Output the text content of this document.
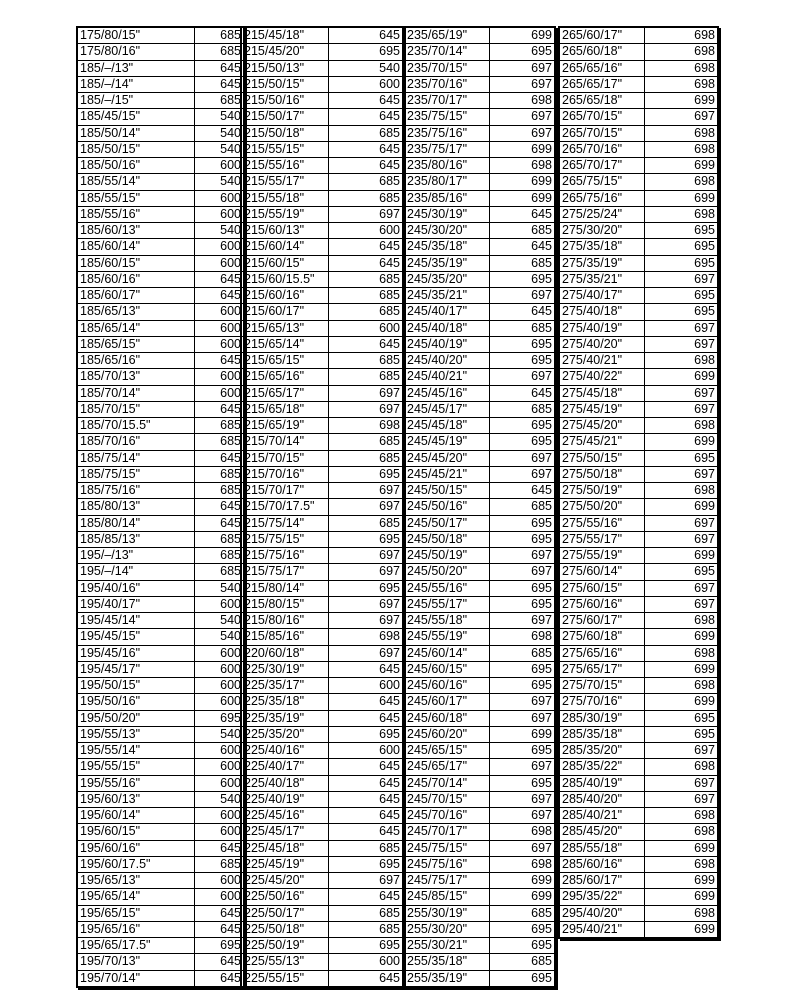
175/80/15"	685
175/80/16"	685
185/–/13"	645
185/–/14"	645
185/–/15"	685
185/45/15"	540
185/50/14"	540
185/50/15"	540
185/50/16"	600
185/55/14"	540
185/55/15"	600
185/55/16"	600
185/60/13"	540
185/60/14"	600
185/60/15"	600
185/60/16"	645
185/60/17"	645
185/65/13"	600
185/65/14"	600
185/65/15"	600
185/65/16"	645
185/70/13"	600
185/70/14"	600
185/70/15"	645
185/70/15.5"	685
185/70/16"	685
185/75/14"	645
185/75/15"	685
185/75/16"	685
185/80/13"	645
185/80/14"	645
185/85/13"	685
195/–/13"	685
195/–/14"	685
195/40/16"	540
195/40/17"	600
195/45/14"	540
195/45/15"	540
195/45/16"	600
195/45/17"	600
195/50/15"	600
195/50/16"	600
195/50/20"	695
195/55/13"	540
195/55/14"	600
195/55/15"	600
195/55/16"	600
195/60/13"	540
195/60/14"	600
195/60/15"	600
195/60/16"	645
195/60/17.5"	685
195/65/13"	600
195/65/14"	600
195/65/15"	645
195/65/16"	645
195/65/17.5"	695
195/70/13"	645
195/70/14"	645
215/45/18"	645
215/45/20"	695
215/50/13"	540
215/50/15"	600
215/50/16"	645
215/50/17"	645
215/50/18"	685
215/55/15"	645
215/55/16"	645
215/55/17"	685
215/55/18"	685
215/55/19"	697
215/60/13"	600
215/60/14"	645
215/60/15"	645
215/60/15.5"	685
215/60/16"	685
215/60/17"	685
215/65/13"	600
215/65/14"	645
215/65/15"	685
215/65/16"	685
215/65/17"	697
215/65/18"	697
215/65/19"	698
215/70/14"	685
215/70/15"	685
215/70/16"	695
215/70/17"	697
215/70/17.5"	697
215/75/14"	685
215/75/15"	695
215/75/16"	697
215/75/17"	697
215/80/14"	695
215/80/15"	697
215/80/16"	697
215/85/16"	698
220/60/18"	697
225/30/19"	645
225/35/17"	600
225/35/18"	645
225/35/19"	645
225/35/20"	695
225/40/16"	600
225/40/17"	645
225/40/18"	645
225/40/19"	645
225/45/16"	645
225/45/17"	645
225/45/18"	685
225/45/19"	695
225/45/20"	697
225/50/16"	645
225/50/17"	685
225/50/18"	685
225/50/19"	695
225/55/13"	600
225/55/15"	645
235/65/19"	699
235/70/14"	695
235/70/15"	697
235/70/16"	697
235/70/17"	698
235/75/15"	697
235/75/16"	697
235/75/17"	699
235/80/16"	698
235/80/17"	699
235/85/16"	699
245/30/19"	645
245/30/20"	685
245/35/18"	645
245/35/19"	685
245/35/20"	695
245/35/21"	697
245/40/17"	645
245/40/18"	685
245/40/19"	695
245/40/20"	695
245/40/21"	697
245/45/16"	645
245/45/17"	685
245/45/18"	695
245/45/19"	695
245/45/20"	697
245/45/21"	697
245/50/15"	645
245/50/16"	685
245/50/17"	695
245/50/18"	695
245/50/19"	697
245/50/20"	697
245/55/16"	695
245/55/17"	695
245/55/18"	697
245/55/19"	698
245/60/14"	685
245/60/15"	695
245/60/16"	695
245/60/17"	697
245/60/18"	697
245/60/20"	699
245/65/15"	695
245/65/17"	697
245/70/14"	695
245/70/15"	697
245/70/16"	697
245/70/17"	698
245/75/15"	697
245/75/16"	698
245/75/17"	699
245/85/15"	699
255/30/19"	685
255/30/20"	695
255/30/21"	695
255/35/18"	685
255/35/19"	695
265/60/17"	698
265/60/18"	698
265/65/16"	698
265/65/17"	698
265/65/18"	699
265/70/15"	697
265/70/15"	698
265/70/16"	698
265/70/17"	699
265/75/15"	698
265/75/16"	699
275/25/24"	698
275/30/20"	695
275/35/18"	695
275/35/19"	695
275/35/21"	697
275/40/17"	695
275/40/18"	695
275/40/19"	697
275/40/20"	697
275/40/21"	698
275/40/22"	699
275/45/18"	697
275/45/19"	697
275/45/20"	698
275/45/21"	699
275/50/15"	695
275/50/18"	697
275/50/19"	698
275/50/20"	699
275/55/16"	697
275/55/17"	697
275/55/19"	699
275/60/14"	695
275/60/15"	697
275/60/16"	697
275/60/17"	698
275/60/18"	699
275/65/16"	698
275/65/17"	699
275/70/15"	698
275/70/16"	699
285/30/19"	695
285/35/18"	695
285/35/20"	697
285/35/22"	698
285/40/19"	697
285/40/20"	697
285/40/21"	698
285/45/20"	698
285/55/18"	699
285/60/16"	698
285/60/17"	699
295/35/22"	699
295/40/20"	698
295/40/21"	699
